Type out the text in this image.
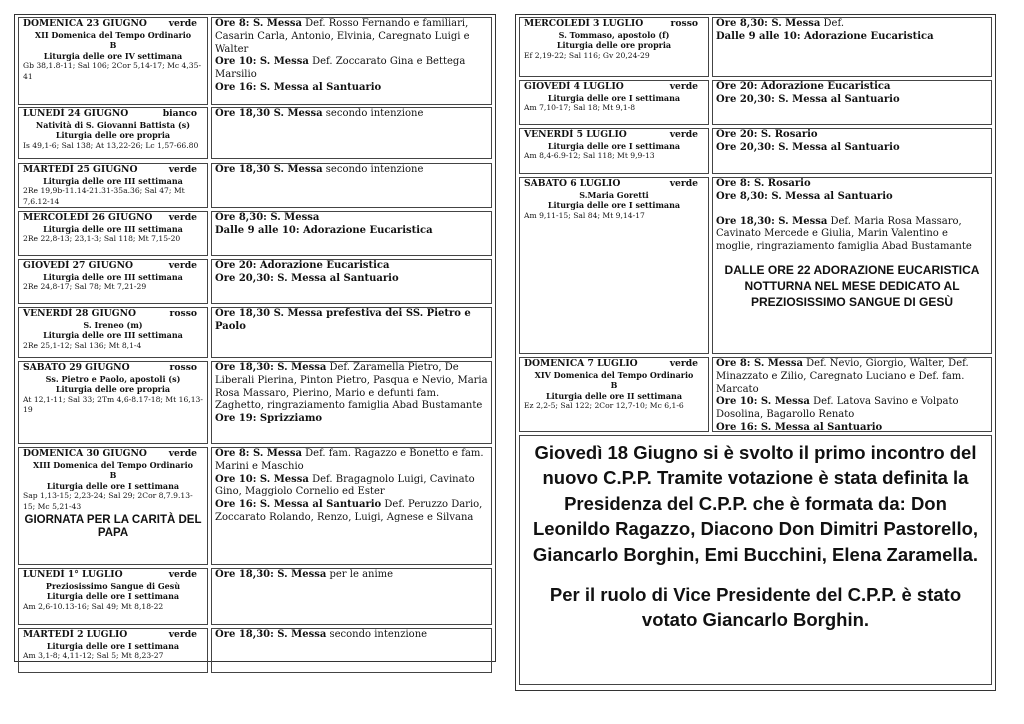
DOMENICA 23 GIUGNO verde
XII Domenica del Tempo Ordinario
B
Liturgia delle ore IV settimana
Gb 38,1.8-11; Sal 106; 2Cor 5,14-17; Mc 4,35-41
Ore 8: S. Messa Def. Rosso Fernando e familiari, Casarin Carla, Antonio, Elvinia, Caregnato Luigi e Walter
Ore 10: S. Messa Def. Zoccarato Gina e Bettega Marsilio
Ore 16: S. Messa al Santuario
LUNEDÌ 24 GIUGNO	bianco
Natività di S. Giovanni Battista (s)
Liturgia delle ore propria
Is 49,1-6; Sal 138; At 13,22-26; Lc 1,57-66.80
Ore 18,30 S. Messa secondo intenzione
MARTEDÌ 25 GIUGNO	verde
Liturgia delle ore III settimana
2Re 19,9b-11.14-21.31-35a.36; Sal 47; Mt 7,6.12-14
Ore 18,30 S. Messa secondo intenzione
MERCOLEDÌ 26 GIUGNO verde
Liturgia delle ore III settimana
2Re 22,8-13; 23,1-3; Sal 118; Mt 7,15-20
Ore 8,30: S. Messa
Dalle 9 alle 10: Adorazione Eucaristica
GIOVEDÌ 27 GIUGNO	verde
Liturgia delle ore III settimana
2Re 24,8-17; Sal 78; Mt 7,21-29
Ore 20: Adorazione Eucaristica
Ore 20,30: S. Messa al Santuario
VENERDÌ 28 GIUGNO	rosso
S. Ireneo (m)
Liturgia delle ore III settimana
2Re 25,1-12; Sal 136; Mt 8,1-4
Ore 18,30 S. Messa prefestiva dei SS. Pietro e Paolo
SABATO 29 GIUGNO	rosso
Ss. Pietro e Paolo, apostoli (s)
Liturgia delle ore propria
At 12,1-11; Sal 33; 2Tm 4,6-8.17-18; Mt 16,13-19
Ore 18,30: S. Messa Def. Zaramella Pietro, De Liberali Pierina, Pinton Pietro, Pasqua e Nevio, Maria Rosa Massaro, Pierino, Mario e defunti fam. Zaghetto, ringraziamento famiglia Abad Bustamante
Ore 19: Sprizziamo
DOMENICA 30 GIUGNO verde
XIII Domenica del Tempo Ordinario
B
Liturgia delle ore I settimana
Sap 1,13-15; 2,23-24; Sal 29; 2Cor 8,7.9.13-15; Mc 5,21-43
GIORNATA PER LA CARITÀ DEL PAPA
Ore 8: S. Messa Def. fam. Ragazzo e Bonetto e fam. Marini e Maschio
Ore 10: S. Messa Def. Bragagnolo Luigi, Cavinato Gino, Maggiolo Cornelio ed Ester
Ore 16: S. Messa al Santuario Def. Peruzzo Dario, Zoccarato Rolando, Renzo, Luigi, Agnese e Silvana
LUNEDÌ 1° LUGLIO	verde
Preziosissimo Sangue di Gesù
Liturgia delle ore I settimana
Am 2,6-10.13-16; Sal 49; Mt 8,18-22
Ore 18,30: S. Messa per le anime
MARTEDÌ 2 LUGLIO	verde
Liturgia delle ore I settimana
Am 3,1-8; 4,11-12; Sal 5; Mt 8,23-27
Ore 18,30: S. Messa secondo intenzione

Giovedì 18 Giugno si è svolto il primo incontro del nuovo C.P.P. Tramite votazione è stata definita la Presidenza del C.P.P. che è formata da: Don Leonildo Ragazzo, Diacono Don Dimitri Pastorello, Giancarlo Borghin, Emi Bucchini, Elena Zaramella.

Per il ruolo di Vice Presidente del C.P.P. è stato votato Giancarlo Borghin.

MERCOLEDÌ 3 LUGLIO	rosso
S. Tommaso, apostolo (f)
Liturgia delle ore propria
Ef 2,19-22; Sal 116; Gv 20,24-29
Ore 8,30: S. Messa Def.
Dalle 9 alle 10: Adorazione Eucaristica
GIOVEDÌ 4 LUGLIO	verde
Liturgia delle ore I settimana
Am 7,10-17; Sal 18; Mt 9,1-8
Ore 20: Adorazione Eucaristica
Ore 20,30: S. Messa al Santuario
VENERDÌ 5 LUGLIO	verde
Liturgia delle ore I settimana
Am 8,4-6.9-12; Sal 118; Mt 9,9-13
Ore 20: S. Rosario
Ore 20,30: S. Messa al Santuario
SABATO 6 LUGLIO	verde
S.Maria Goretti
Liturgia delle ore I settimana
Am 9,11-15; Sal 84; Mt 9,14-17
Ore 8: S. Rosario
Ore 8,30: S. Messa al Santuario
Ore 18,30: S. Messa Def. Maria Rosa Massaro, Cavinato Mercede e Giulia, Marin Valentino e moglie, ringraziamento famiglia Abad Bustamante
DALLE ORE 22 ADORAZIONE EUCARISTICA NOTTURNA NEL MESE DEDICATO AL PREZIOSISSIMO SANGUE DI GESÙ
DOMENICA 7 LUGLIO	verde
XIV Domenica del Tempo Ordinario
B
Liturgia delle ore II settimana
Ez 2,2-5; Sal 122; 2Cor 12,7-10; Mc 6,1-6
Ore 8: S. Messa Def. Nevio, Giorgio, Walter, Def. Minazzato e Zilio, Caregnato Luciano e Def. fam. Marcato
Ore 10: S. Messa Def. Latova Savino e Volpato Dosolina, Bagarollo Renato
Ore 16: S. Messa al Santuario
